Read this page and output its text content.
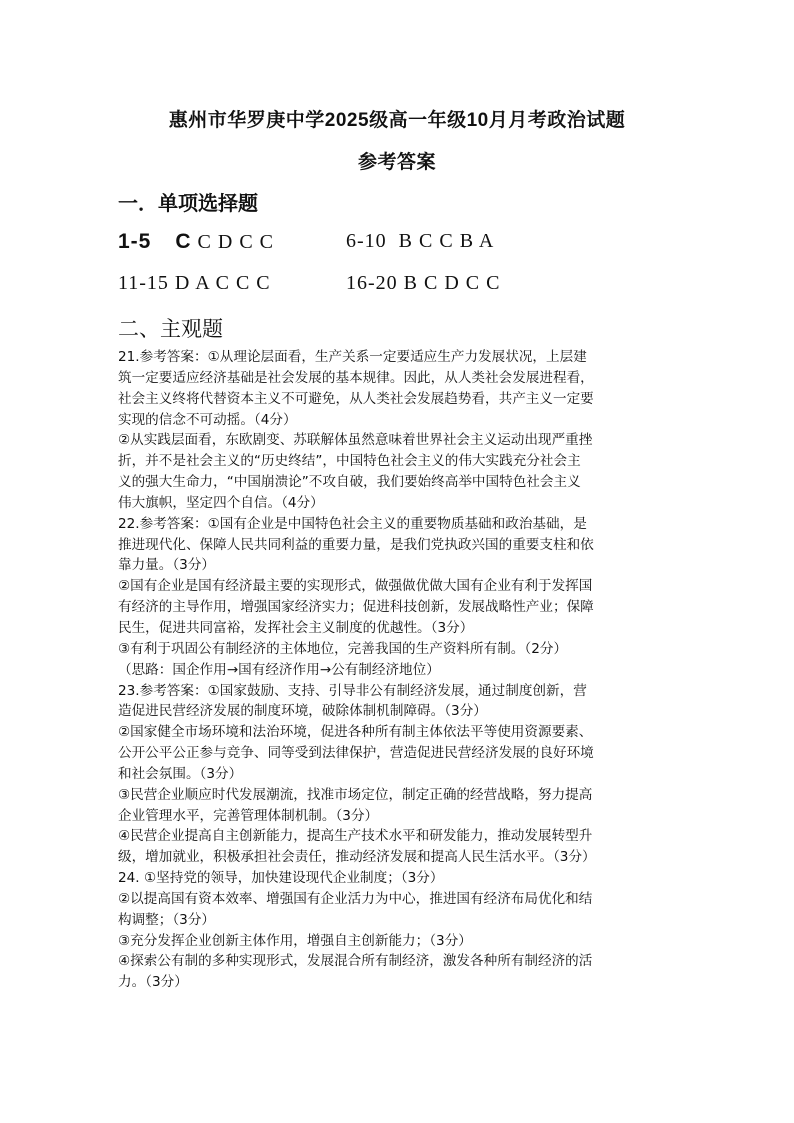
惠州市华罗庚中学2025级高一年级10月月考政治试题
参考答案
一．单项选择题
1-5 C C D C C	6-10 B C C B A
11-15 D A C C C	16-20 B C D C C
二、主观题

21.参考答案：①从理论层面看，生产关系一定要适应生产力发展状况，上层建

筑一定要适应经济基础是社会发展的基本规律。因此，从人类社会发展进程看，

社会主义终将代替资本主义不可避免，从人类社会发展趋势看，共产主义一定要

实现的信念不可动摇。（4分）

②从实践层面看，东欧剧变、苏联解体虽然意味着世界社会主义运动出现严重挫

折，并不是社会主义的“历史终结”，中国特色社会主义的伟大实践充分社会主

义的强大生命力，“中国崩溃论”不攻自破，我们要始终高举中国特色社会主义

伟大旗帜，坚定四个自信。（4分）

22.参考答案：①国有企业是中国特色社会主义的重要物质基础和政治基础，是

推进现代化、保障人民共同利益的重要力量，是我们党执政兴国的重要支柱和依

靠力量。（3分）

②国有企业是国有经济最主要的实现形式，做强做优做大国有企业有利于发挥国

有经济的主导作用，增强国家经济实力；促进科技创新，发展战略性产业；保障

民生，促进共同富裕，发挥社会主义制度的优越性。（3分）

③有利于巩固公有制经济的主体地位，完善我国的生产资料所有制。（2分）

（思路：国企作用→国有经济作用→公有制经济地位）

23.参考答案：①国家鼓励、支持、引导非公有制经济发展，通过制度创新，营

造促进民营经济发展的制度环境，破除体制机制障碍。（3分）

②国家健全市场环境和法治环境，促进各种所有制主体依法平等使用资源要素、

公开公平公正参与竞争、同等受到法律保护，营造促进民营经济发展的良好环境

和社会氛围。（3分）

③民营企业顺应时代发展潮流，找准市场定位，制定正确的经营战略，努力提高

企业管理水平，完善管理体制机制。（3分）

④民营企业提高自主创新能力，提高生产技术水平和研发能力，推动发展转型升

级，增加就业，积极承担社会责任，推动经济发展和提高人民生活水平。（3分）

24. ①坚持党的领导，加快建设现代企业制度；（3分）

②以提高国有资本效率、增强国有企业活力为中心，推进国有经济布局优化和结

构调整；（3分）

③充分发挥企业创新主体作用，增强自主创新能力；（3分）

④探索公有制的多种实现形式，发展混合所有制经济，激发各种所有制经济的活

力。（3分）
